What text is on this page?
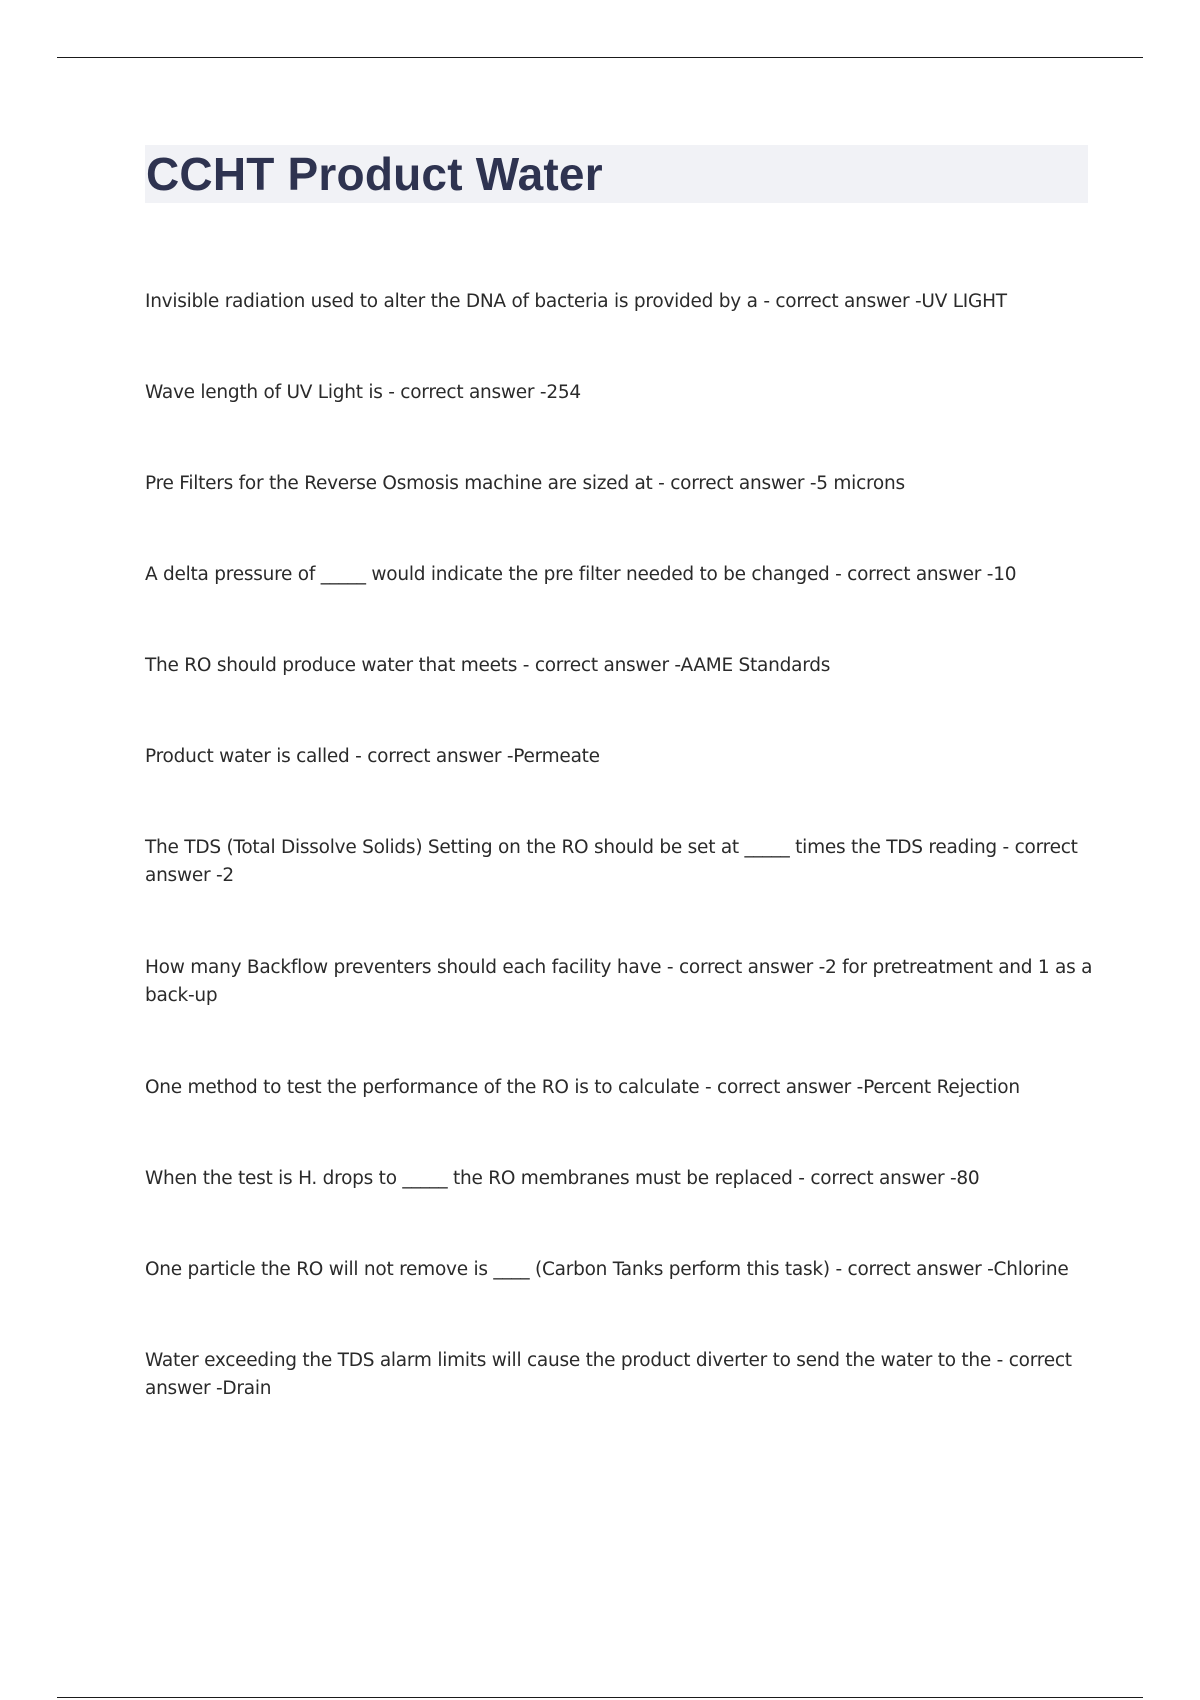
CCHT Product Water
Invisible radiation used to alter the DNA of bacteria is provided by a - correct answer -UV LIGHT
Wave length of UV Light is - correct answer -254
Pre Filters for the Reverse Osmosis machine are sized at - correct answer -5 microns
A delta pressure of _____ would indicate the pre filter needed to be changed - correct answer -10
The RO should produce water that meets - correct answer -AAME Standards
Product water is called - correct answer -Permeate
The TDS (Total Dissolve Solids) Setting on the RO should be set at _____ times the TDS reading - correct answer -2
How many Backflow preventers should each facility have - correct answer -2 for pretreatment and 1 as a back-up
One method to test the performance of the RO is to calculate - correct answer -Percent Rejection
When the test is H. drops to _____ the RO membranes must be replaced - correct answer -80
One particle the RO will not remove is ____ (Carbon Tanks perform this task) - correct answer -Chlorine
Water exceeding the TDS alarm limits will cause the product diverter to send the water to the - correct answer -Drain
